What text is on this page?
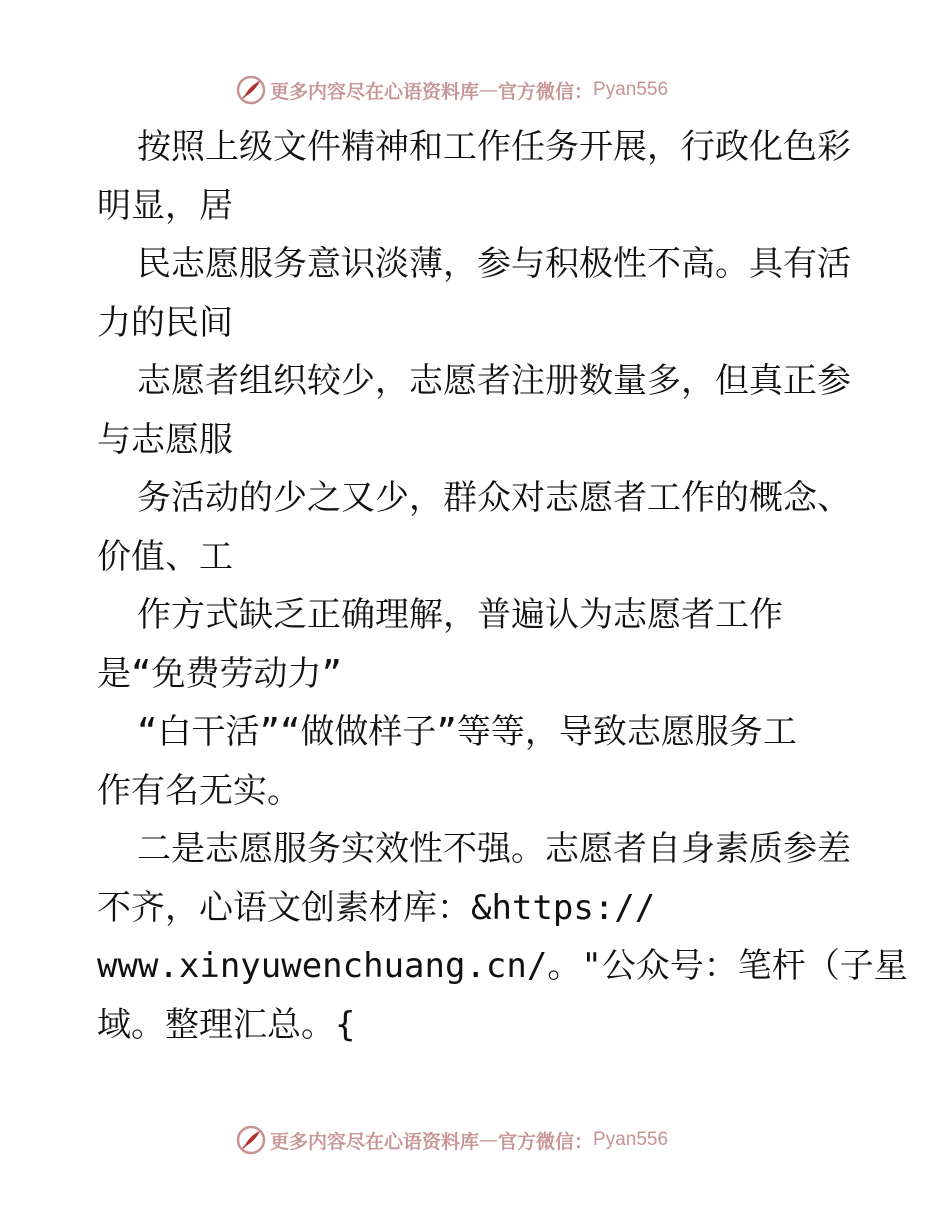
更多内容尽在心语资料库 — 官方微信： Pyan556
按照上级文件精神和工作任务开展，行政化色彩
明显，居
民志愿服务意识淡薄，参与积极性不高。具有活
力的民间
志愿者组织较少，志愿者注册数量多，但真正参
与志愿服
务活动的少之又少，群众对志愿者工作的概念、
价值、工
作方式缺乏正确理解，普遍认为志愿者工作
是“免费劳动力”
“白干活”“做做样子”等等，导致志愿服务工
作有名无实。
二是志愿服务实效性不强。志愿者自身素质参差
不齐，心语文创素材库：&https://
www.xinyuwenchuang.cn/。"公众号：笔杆（子星
域。整理汇总。{
更多内容尽在心语资料库 — 官方微信： Pyan556
